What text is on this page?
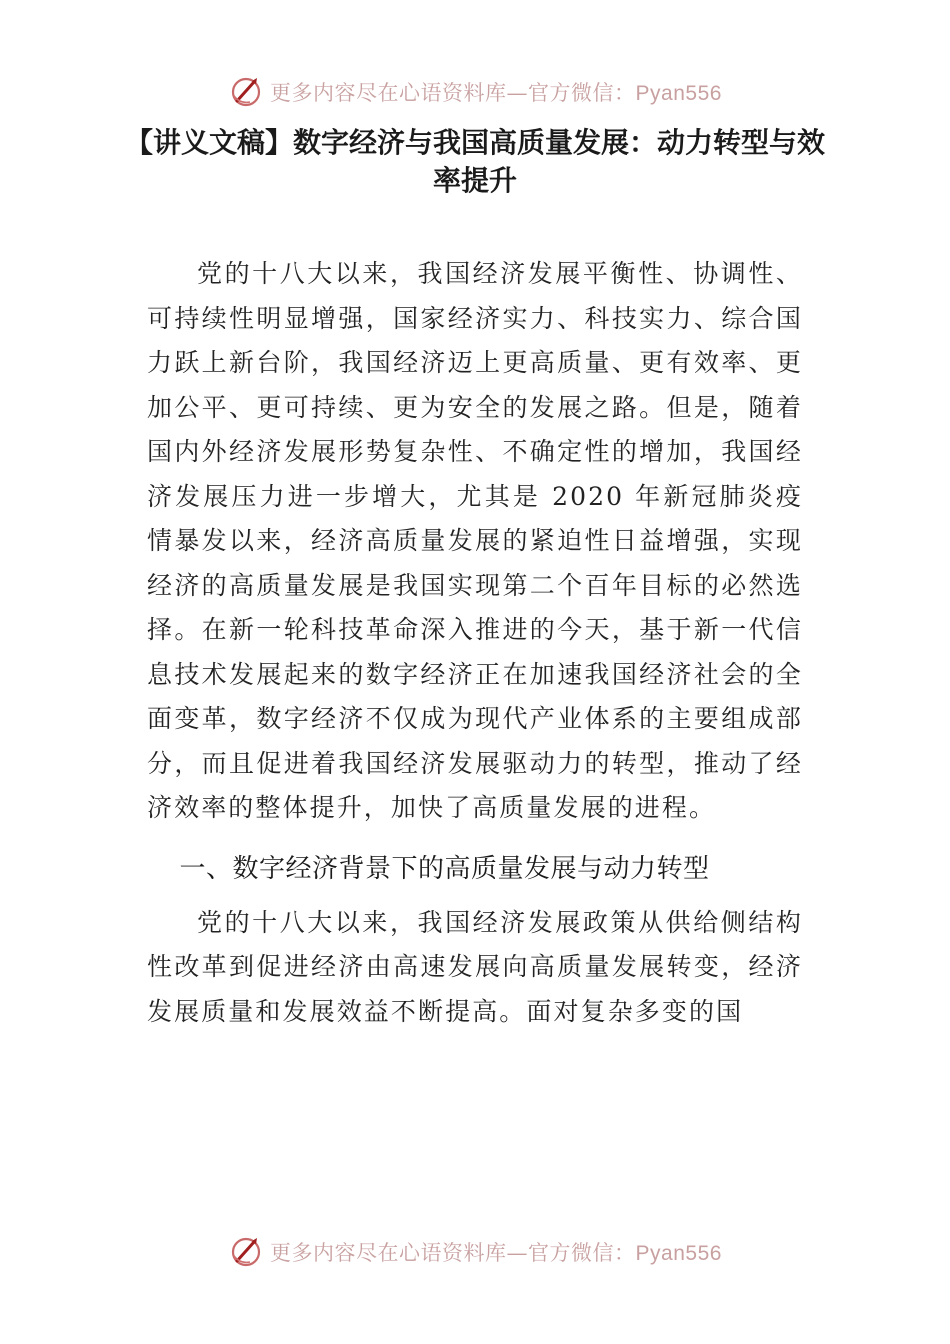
更多内容尽在心语资料库—官方微信：Pyan556
【讲义文稿】数字经济与我国高质量发展：动力转型与效率提升

党的十八大以来，我国经济发展平衡性、协调性、可持续性明显增强，国家经济实力、科技实力、综合国力跃上新台阶，我国经济迈上更高质量、更有效率、更加公平、更可持续、更为安全的发展之路。但是，随着国内外经济发展形势复杂性、不确定性的增加，我国经济发展压力进一步增大，尤其是 2020 年新冠肺炎疫情暴发以来，经济高质量发展的紧迫性日益增强，实现经济的高质量发展是我国实现第二个百年目标的必然选择。在新一轮科技革命深入推进的今天，基于新一代信息技术发展起来的数字经济正在加速我国经济社会的全面变革，数字经济不仅成为现代产业体系的主要组成部分，而且促进着我国经济发展驱动力的转型，推动了经济效率的整体提升，加快了高质量发展的进程。

一、数字经济背景下的高质量发展与动力转型

党的十八大以来，我国经济发展政策从供给侧结构性改革到促进经济由高速发展向高质量发展转变，经济发展质量和发展效益不断提高。面对复杂多变的国

更多内容尽在心语资料库—官方微信：Pyan556
